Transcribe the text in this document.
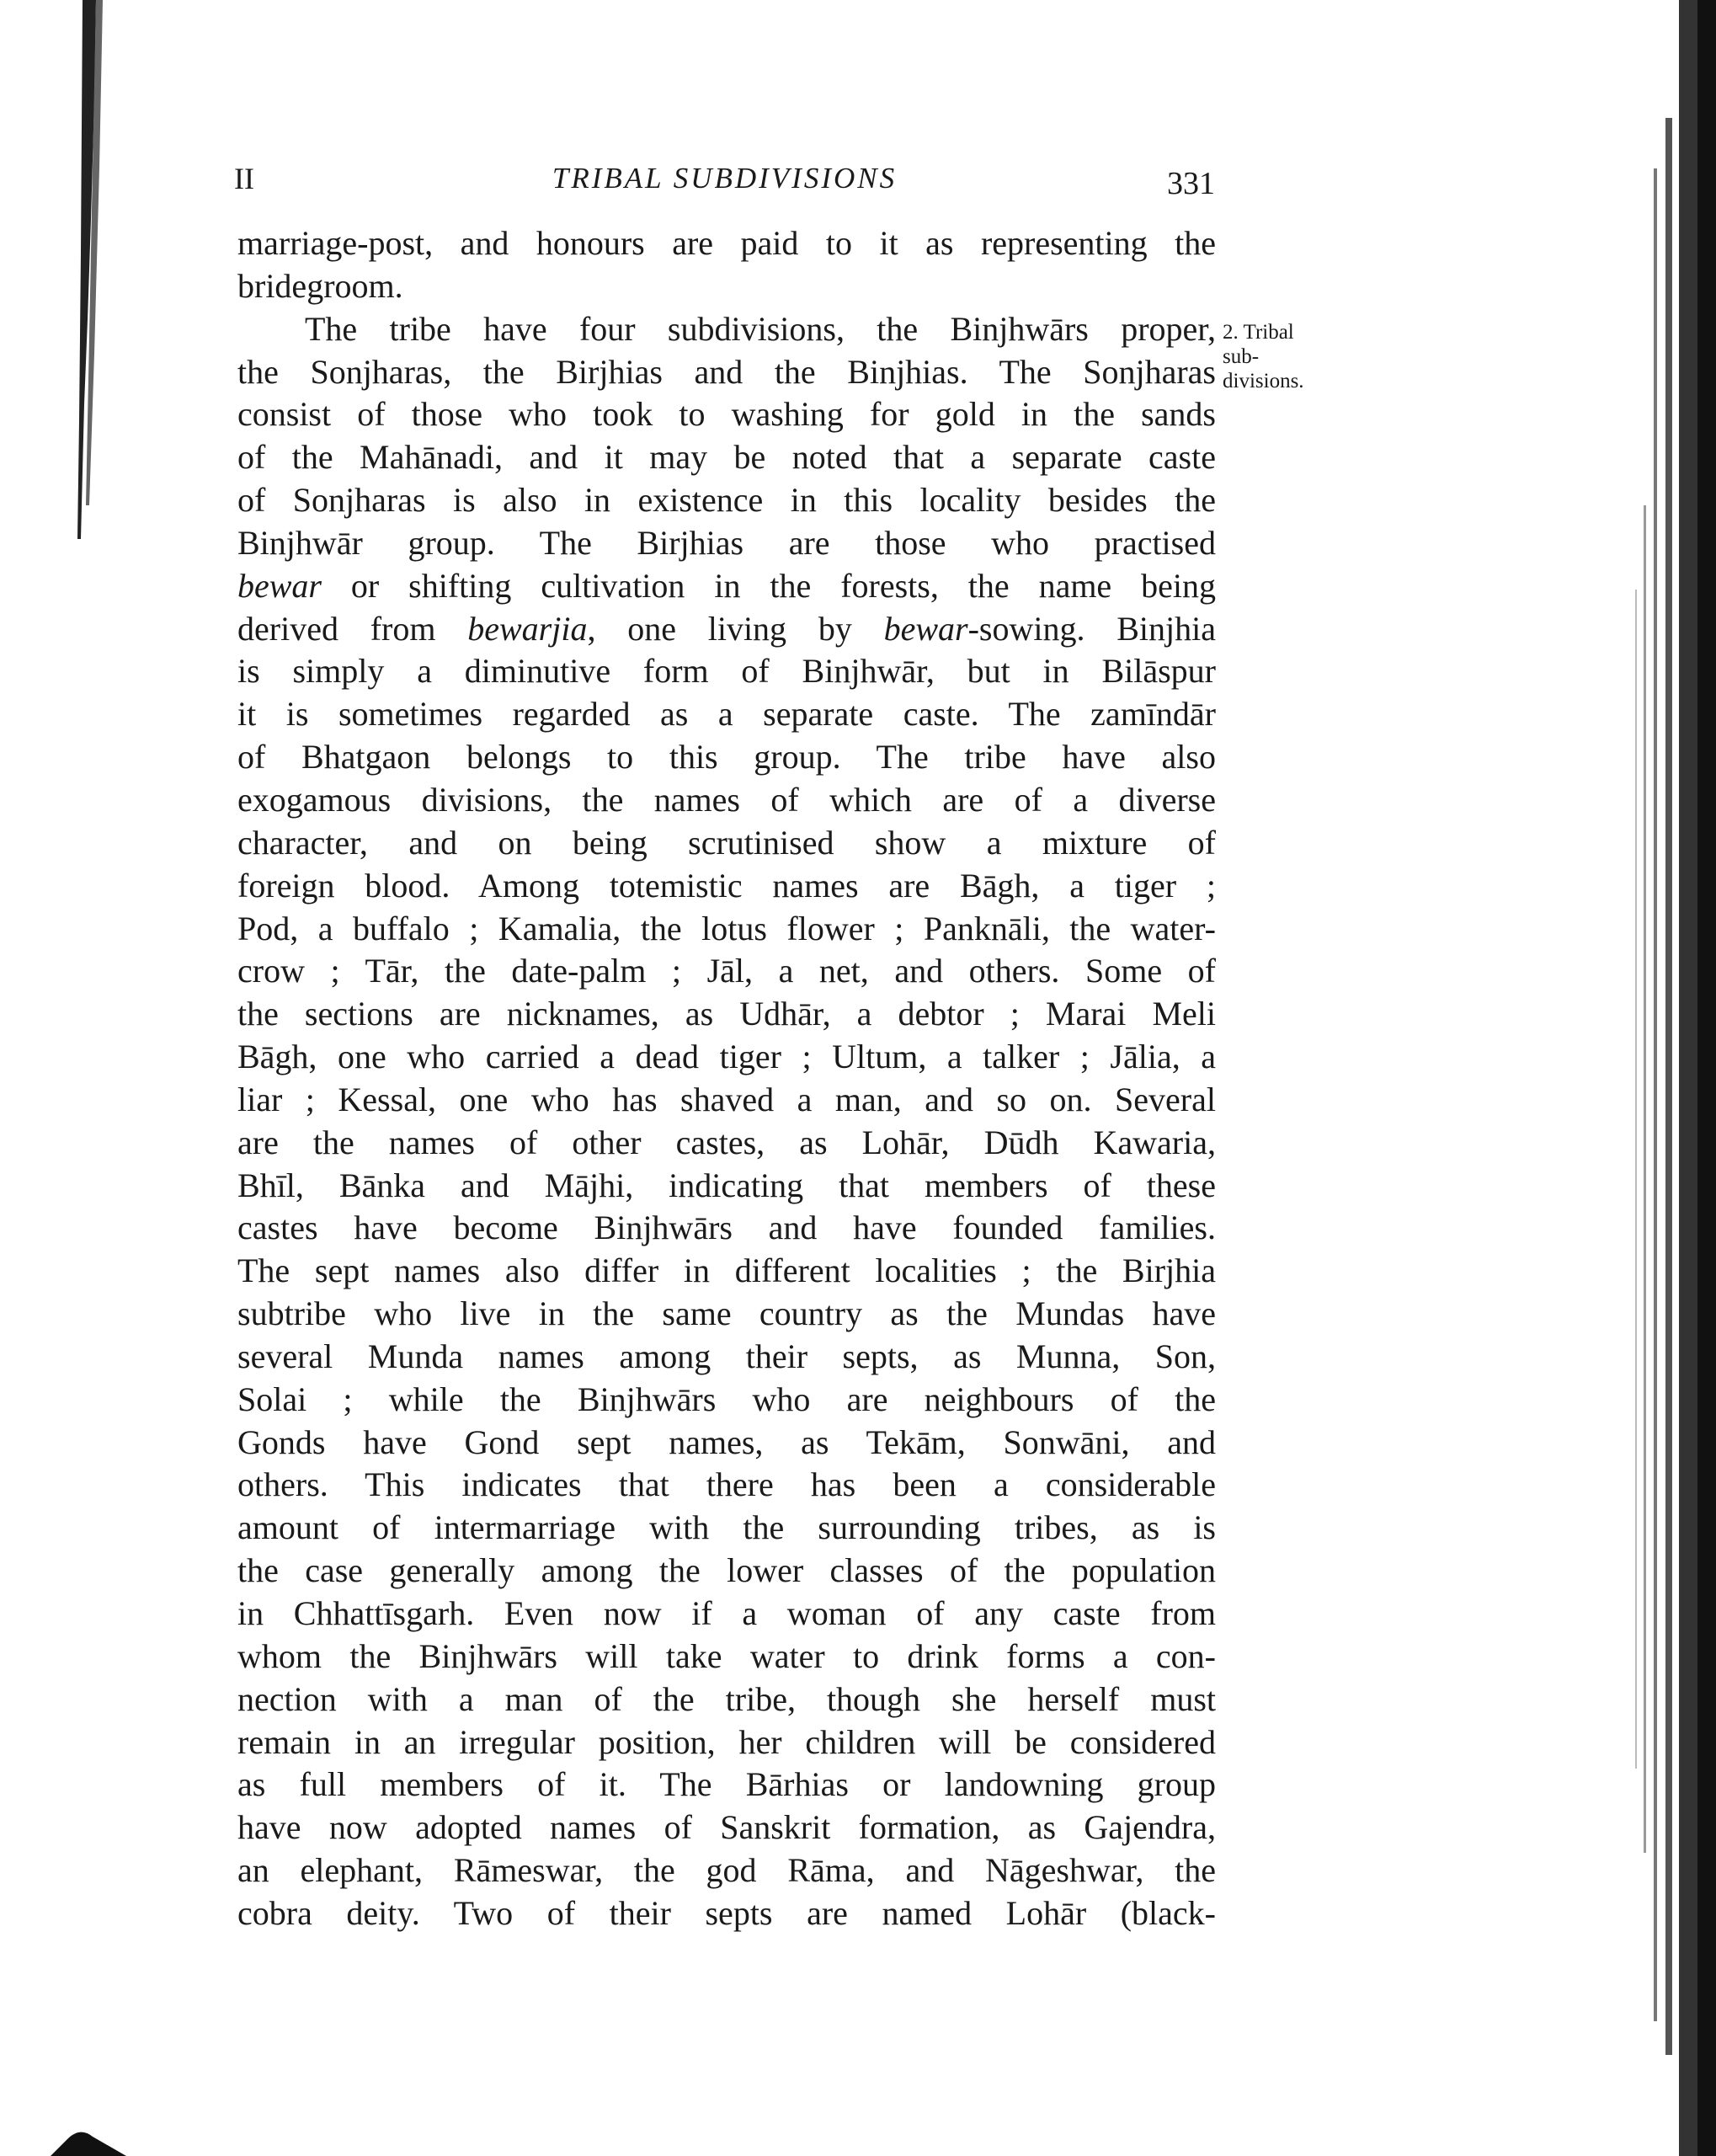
II	TRIBAL SUBDIVISIONS	331
2. Tribal
sub-
divisions.
marriage-post, and honours are paid to it as representing the
bridegroom.
The tribe have four subdivisions, the Binjhwārs proper,
the Sonjharas, the Birjhias and the Binjhias. The Sonjharas
consist of those who took to washing for gold in the sands
of the Mahānadi, and it may be noted that a separate caste
of Sonjharas is also in existence in this locality besides the
Binjhwār group. The Birjhias are those who practised
bewar or shifting cultivation in the forests, the name being
derived from bewarjia, one living by bewar-sowing. Binjhia
is simply a diminutive form of Binjhwār, but in Bilāspur
it is sometimes regarded as a separate caste. The zamīndār
of Bhatgaon belongs to this group. The tribe have also
exogamous divisions, the names of which are of a diverse
character, and on being scrutinised show a mixture of
foreign blood. Among totemistic names are Bāgh, a tiger ;
Pod, a buffalo ; Kamalia, the lotus flower ; Panknāli, the water-
crow ; Tār, the date-palm ; Jāl, a net, and others. Some of
the sections are nicknames, as Udhār, a debtor ; Marai Meli
Bāgh, one who carried a dead tiger ; Ultum, a talker ; Jālia, a
liar ; Kessal, one who has shaved a man, and so on. Several
are the names of other castes, as Lohār, Dūdh Kawaria,
Bhīl, Bānka and Mājhi, indicating that members of these
castes have become Binjhwārs and have founded families.
The sept names also differ in different localities ; the Birjhia
subtribe who live in the same country as the Mundas have
several Munda names among their septs, as Munna, Son,
Solai ; while the Binjhwārs who are neighbours of the
Gonds have Gond sept names, as Tekām, Sonwāni, and
others. This indicates that there has been a considerable
amount of intermarriage with the surrounding tribes, as is
the case generally among the lower classes of the population
in Chhattīsgarh. Even now if a woman of any caste from
whom the Binjhwārs will take water to drink forms a con-
nection with a man of the tribe, though she herself must
remain in an irregular position, her children will be considered
as full members of it. The Bārhias or landowning group
have now adopted names of Sanskrit formation, as Gajendra,
an elephant, Rāmeswar, the god Rāma, and Nāgeshwar, the
cobra deity. Two of their septs are named Lohār (black-
